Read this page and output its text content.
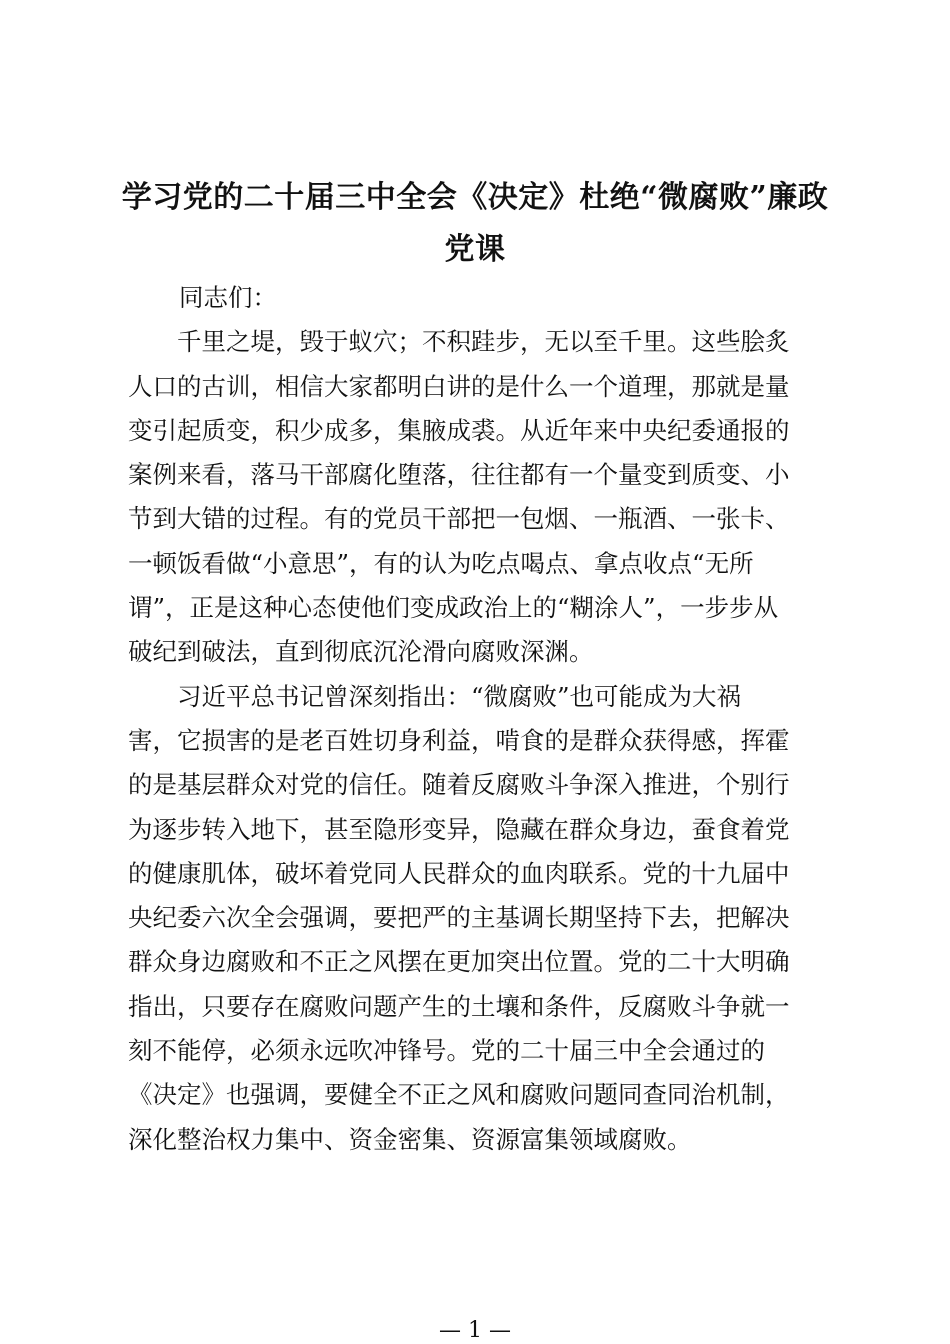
学习党的二十届三中全会《决定》杜绝“微腐败”廉政
党课

同志们：

　　千里之堤，毁于蚁穴；不积跬步，无以至千里。这些脍炙
人口的古训，相信大家都明白讲的是什么一个道理，那就是量
变引起质变，积少成多，集腋成裘。从近年来中央纪委通报的
案例来看，落马干部腐化堕落，往往都有一个量变到质变、小
节到大错的过程。有的党员干部把一包烟、一瓶酒、一张卡、
一顿饭看做“小意思”，有的认为吃点喝点、拿点收点“无所
谓”，正是这种心态使他们变成政治上的“糊涂人”，一步步从
破纪到破法，直到彻底沉沦滑向腐败深渊。

　　习近平总书记曾深刻指出：“微腐败”也可能成为大祸
害，它损害的是老百姓切身利益，啃食的是群众获得感，挥霍
的是基层群众对党的信任。随着反腐败斗争深入推进，个别行
为逐步转入地下，甚至隐形变异，隐藏在群众身边，蚕食着党
的健康肌体，破坏着党同人民群众的血肉联系。党的十九届中
央纪委六次全会强调，要把严的主基调长期坚持下去，把解决
群众身边腐败和不正之风摆在更加突出位置。党的二十大明确
指出，只要存在腐败问题产生的土壤和条件，反腐败斗争就一
刻不能停，必须永远吹冲锋号。党的二十届三中全会通过的
《决定》也强调，要健全不正之风和腐败问题同查同治机制，
深化整治权力集中、资金密集、资源富集领域腐败。

— 1 —
